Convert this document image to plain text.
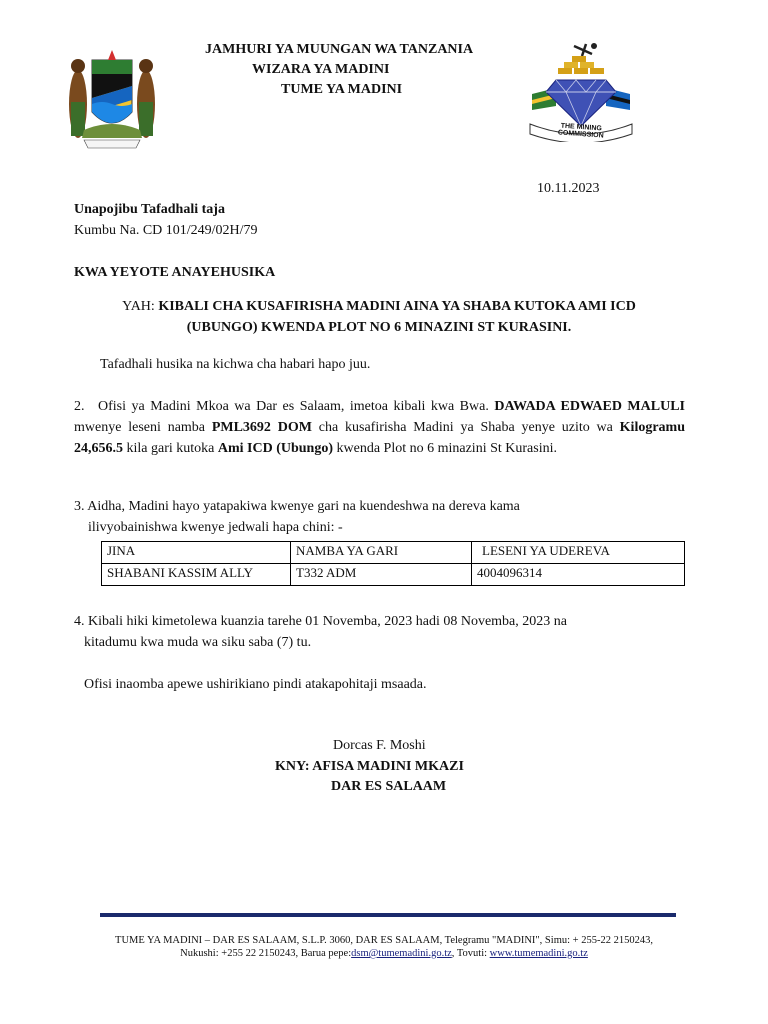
JAMHURI YA MUUNGAN WA TANZANIA
WIZARA YA MADINI
TUME YA MADINI
THE MINING COMMISSION
10.11.2023
Unapojibu Tafadhali taja
Kumbu Na. CD 101/249/02H/79
KWA YEYOTE ANAYEHUSIKA
YAH: KIBALI CHA KUSAFIRISHA MADINI AINA YA SHABA KUTOKA AMI ICD
(UBUNGO) KWENDA PLOT NO 6 MINAZINI ST KURASINI.
Tafadhali husika na kichwa cha habari hapo juu.
2. Ofisi ya Madini Mkoa wa Dar es Salaam, imetoa kibali kwa Bwa. DAWADA EDWAED MALULI mwenye leseni namba PML3692 DOM cha kusafirisha Madini ya Shaba yenye uzito wa Kilogramu 24,656.5 kila gari kutoka Ami ICD (Ubungo) kwenda Plot no 6 minazini St Kurasini.
3. Aidha, Madini hayo yatapakiwa kwenye gari na kuendeshwa na dereva kama
ilivyobainishwa kwenye jedwali hapa chini: -
JINA	NAMBA YA GARI	LESENI YA UDEREVA
SHABANI KASSIM ALLY	T332 ADM	4004096314
4. Kibali hiki kimetolewa kuanzia tarehe 01 Novemba, 2023 hadi 08 Novemba, 2023 na
kitadumu kwa muda wa siku saba (7) tu.
Ofisi inaomba apewe ushirikiano pindi atakapohitaji msaada.
Dorcas F. Moshi
KNY: AFISA MADINI MKAZI
DAR ES SALAAM
TUME YA MADINI – DAR ES SALAAM, S.L.P. 3060, DAR ES SALAAM, Telegramu "MADINI", Simu: + 255-22 2150243,
Nukushi: +255 22 2150243, Barua pepe:dsm@tumemadini.go.tz, Tovuti: www.tumemadini.go.tz
